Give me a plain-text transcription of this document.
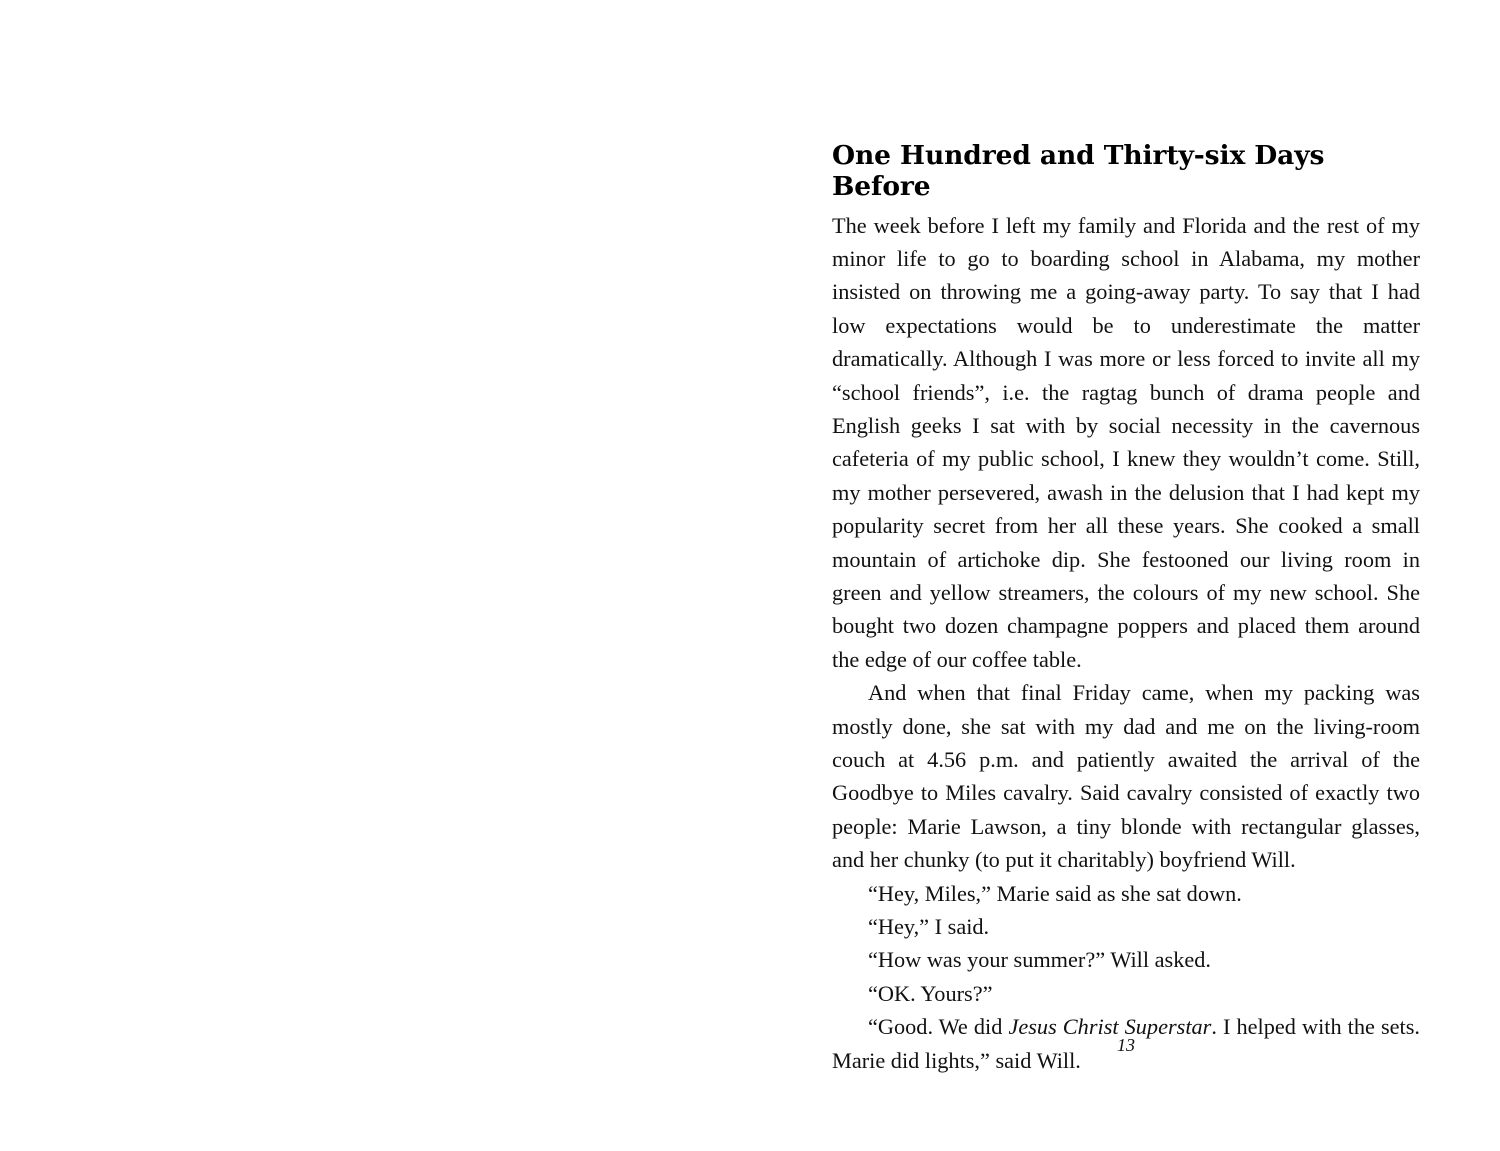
One Hundred and Thirty-six Days Before

The week before I left my family and Florida and the rest of my minor life to go to boarding school in Alabama, my mother insisted on throwing me a going-away party. To say that I had low expectations would be to underestimate the matter dramatically. Although I was more or less forced to invite all my “school friends”, i.e. the ragtag bunch of drama people and English geeks I sat with by social necessity in the cavernous cafeteria of my public school, I knew they wouldn’t come. Still, my mother persevered, awash in the delusion that I had kept my popularity secret from her all these years. She cooked a small mountain of artichoke dip. She festooned our living room in green and yellow streamers, the colours of my new school. She bought two dozen champagne poppers and placed them around the edge of our coffee table.

And when that final Friday came, when my packing was mostly done, she sat with my dad and me on the living-room couch at 4.56 p.m. and patiently awaited the arrival of the Goodbye to Miles cavalry. Said cavalry consisted of exactly two people: Marie Lawson, a tiny blonde with rectangular glasses, and her chunky (to put it charitably) boyfriend Will.

“Hey, Miles,” Marie said as she sat down.

“Hey,” I said.

“How was your summer?” Will asked.

“OK. Yours?”

“Good. We did Jesus Christ Superstar. I helped with the sets. Marie did lights,” said Will.

13
